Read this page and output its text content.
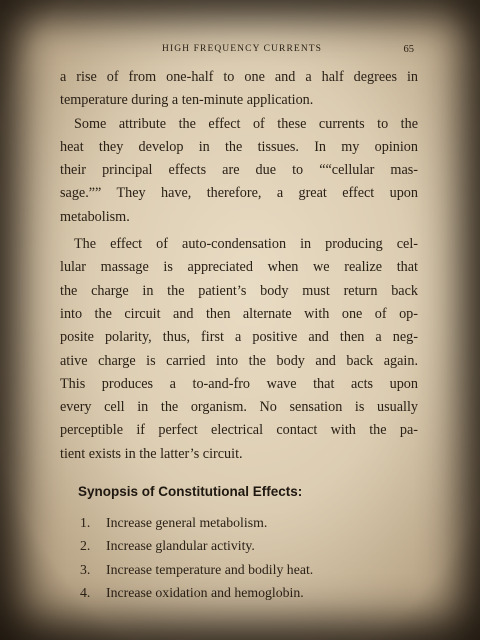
HIGH FREQUENCY CURRENTS	65
a rise of from one-half to one and a half degrees in
temperature during a ten-minute application.
Some attribute the effect of these currents to the
heat they develop in the tissues. In my opinion
their principal effects are due to ““cellular mas-
sage.”” They have, therefore, a great effect upon
metabolism.
The effect of auto-condensation in producing cel-
lular massage is appreciated when we realize that
the charge in the patient’s body must return back
into the circuit and then alternate with one of op-
posite polarity, thus, first a positive and then a neg-
ative charge is carried into the body and back again.
This produces a to-and-fro wave that acts upon
every cell in the organism. No sensation is usually
perceptible if perfect electrical contact with the pa-
tient exists in the latter’s circuit.
Synopsis of Constitutional Effects:
1. Increase general metabolism.
2. Increase glandular activity.
3. Increase temperature and bodily heat.
4. Increase oxidation and hemoglobin.
